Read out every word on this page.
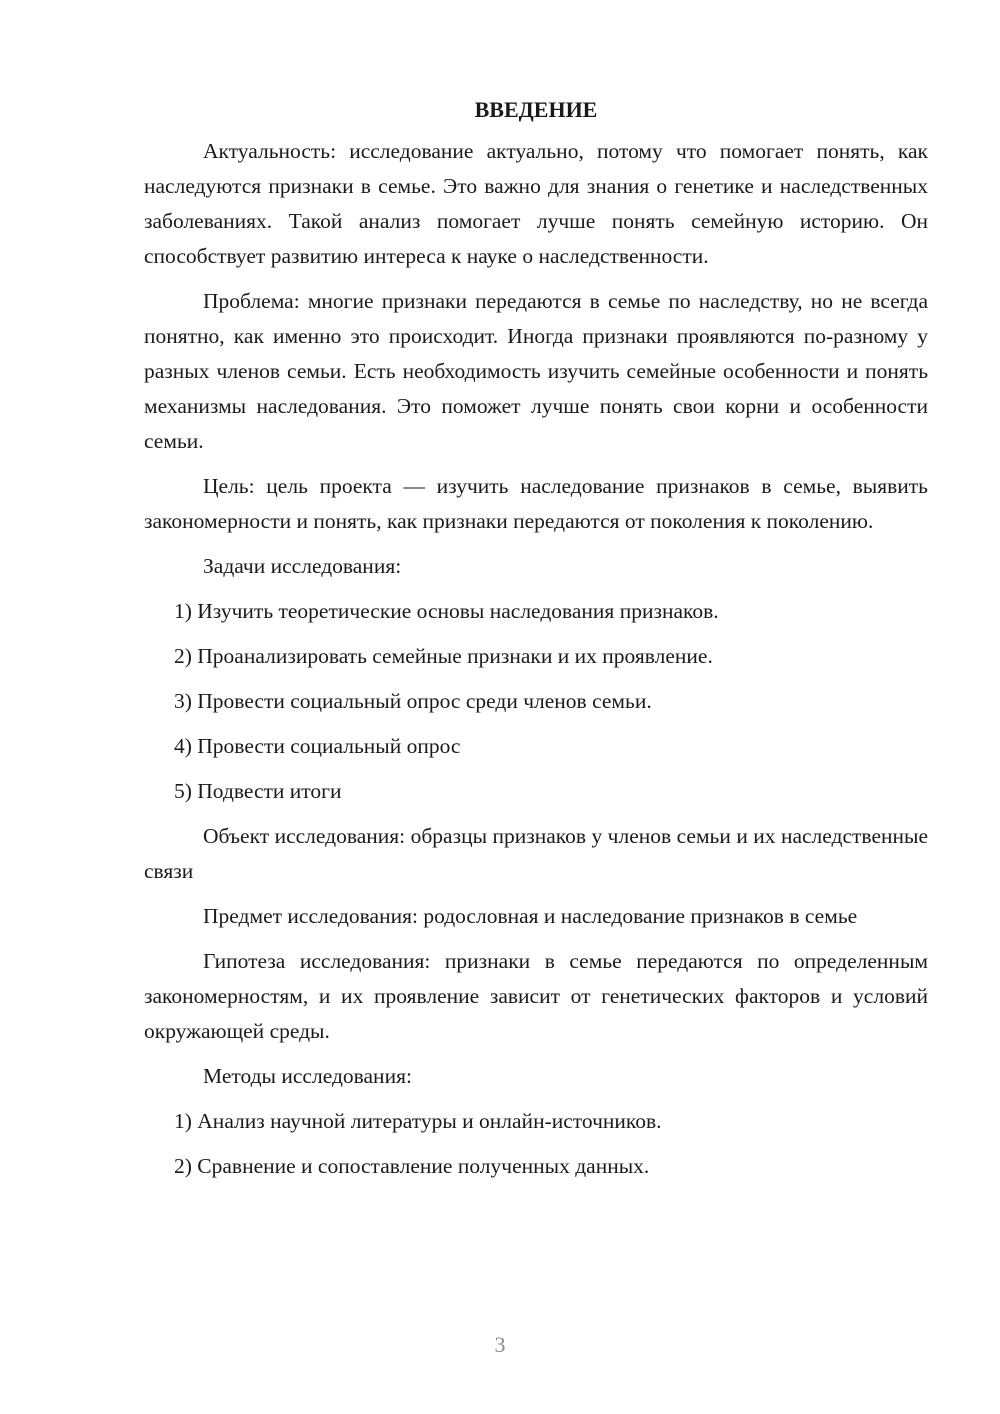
ВВЕДЕНИЕ

Актуальность: исследование актуально, потому что помогает понять, как наследуются признаки в семье. Это важно для знания о генетике и наследственных заболеваниях. Такой анализ помогает лучше понять семейную историю. Он способствует развитию интереса к науке о наследственности.

Проблема: многие признаки передаются в семье по наследству, но не всегда понятно, как именно это происходит. Иногда признаки проявляются по-разному у разных членов семьи. Есть необходимость изучить семейные особенности и понять механизмы наследования. Это поможет лучше понять свои корни и особенности семьи.

Цель: цель проекта — изучить наследование признаков в семье, выявить закономерности и понять, как признаки передаются от поколения к поколению.

Задачи исследования:

1) Изучить теоретические основы наследования признаков.

2) Проанализировать семейные признаки и их проявление.

3) Провести социальный опрос среди членов семьи.

4) Провести социальный опрос

5) Подвести итоги

Объект исследования: образцы признаков у членов семьи и их наследственные связи

Предмет исследования: родословная и наследование признаков в семье

Гипотеза исследования: признаки в семье передаются по определенным закономерностям, и их проявление зависит от генетических факторов и условий окружающей среды.

Методы исследования:

1) Анализ научной литературы и онлайн-источников.

2) Сравнение и сопоставление полученных данных.

3
